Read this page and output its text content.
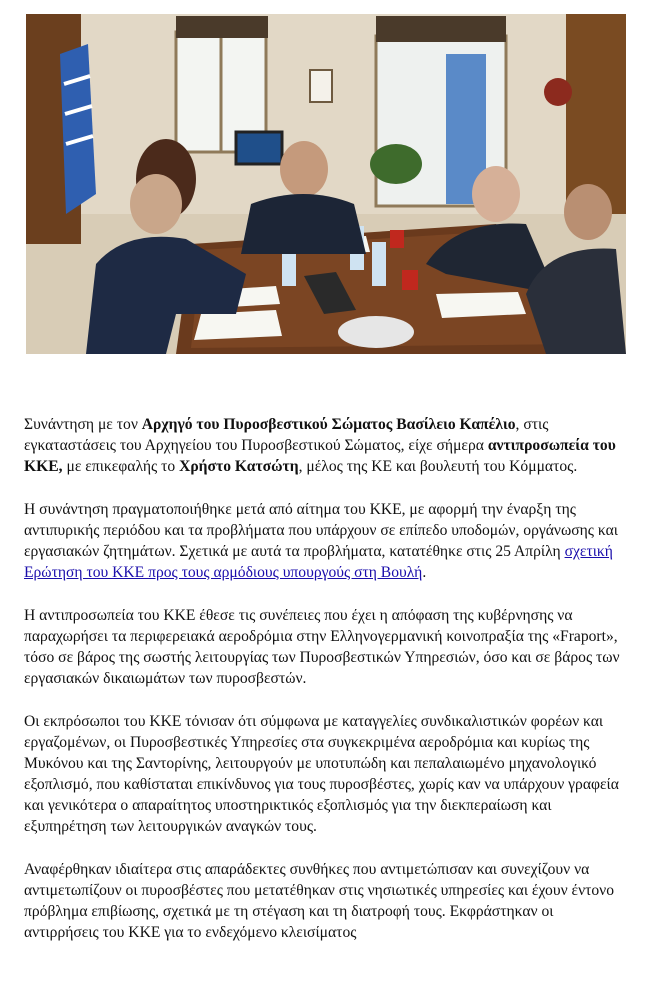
Συνάντηση με τον Αρχηγό του Πυροσβεστικού Σώματος Βασίλειο Καπέλιο, στις εγκαταστάσεις του Αρχηγείου του Πυροσβεστικού Σώματος, είχε σήμερα αντιπροσωπεία του ΚΚΕ, με επικεφαλής το Χρήστο Κατσώτη, μέλος της ΚΕ και βουλευτή του Κόμματος.

Η συνάντηση πραγματοποιήθηκε μετά από αίτημα του ΚΚΕ, με αφορμή την έναρξη της αντιπυρικής περιόδου και τα προβλήματα που υπάρχουν σε επίπεδο υποδομών, οργάνωσης και εργασιακών ζητημάτων. Σχετικά με αυτά τα προβλήματα, κατατέθηκε στις 25 Απρίλη σχετική Ερώτηση του ΚΚΕ προς τους αρμόδιους υπουργούς στη Βουλή.

Η αντιπροσωπεία του ΚΚΕ έθεσε τις συνέπειες που έχει η απόφαση της κυβέρνησης να παραχωρήσει τα περιφερειακά αεροδρόμια στην Ελληνογερμανική κοινοπραξία της «Fraport», τόσο σε βάρος της σωστής λειτουργίας των Πυροσβεστικών Υπηρεσιών, όσο και σε βάρος των εργασιακών δικαιωμάτων των πυροσβεστών.

Οι εκπρόσωποι του ΚΚΕ τόνισαν ότι σύμφωνα με καταγγελίες συνδικαλιστικών φορέων και εργαζομένων, οι Πυροσβεστικές Υπηρεσίες στα συγκεκριμένα αεροδρόμια και κυρίως της Μυκόνου και της Σαντορίνης, λειτουργούν με υποτυπώδη και πεπαλαιωμένο μηχανολογικό εξοπλισμό, που καθίσταται επικίνδυνος για τους πυροσβέστες, χωρίς καν να υπάρχουν γραφεία και γενικότερα ο απαραίτητος υποστηρικτικός εξοπλισμός για την διεκπεραίωση και εξυπηρέτηση των λειτουργικών αναγκών τους.

Αναφέρθηκαν ιδιαίτερα στις απαράδεκτες συνθήκες που αντιμετώπισαν και συνεχίζουν να αντιμετωπίζουν οι πυροσβέστες που μετατέθηκαν στις νησιωτικές υπηρεσίες και έχουν έντονο πρόβλημα επιβίωσης, σχετικά με τη στέγαση και τη διατροφή τους. Εκφράστηκαν οι αντιρρήσεις του ΚΚΕ για το ενδεχόμενο κλεισίματος
